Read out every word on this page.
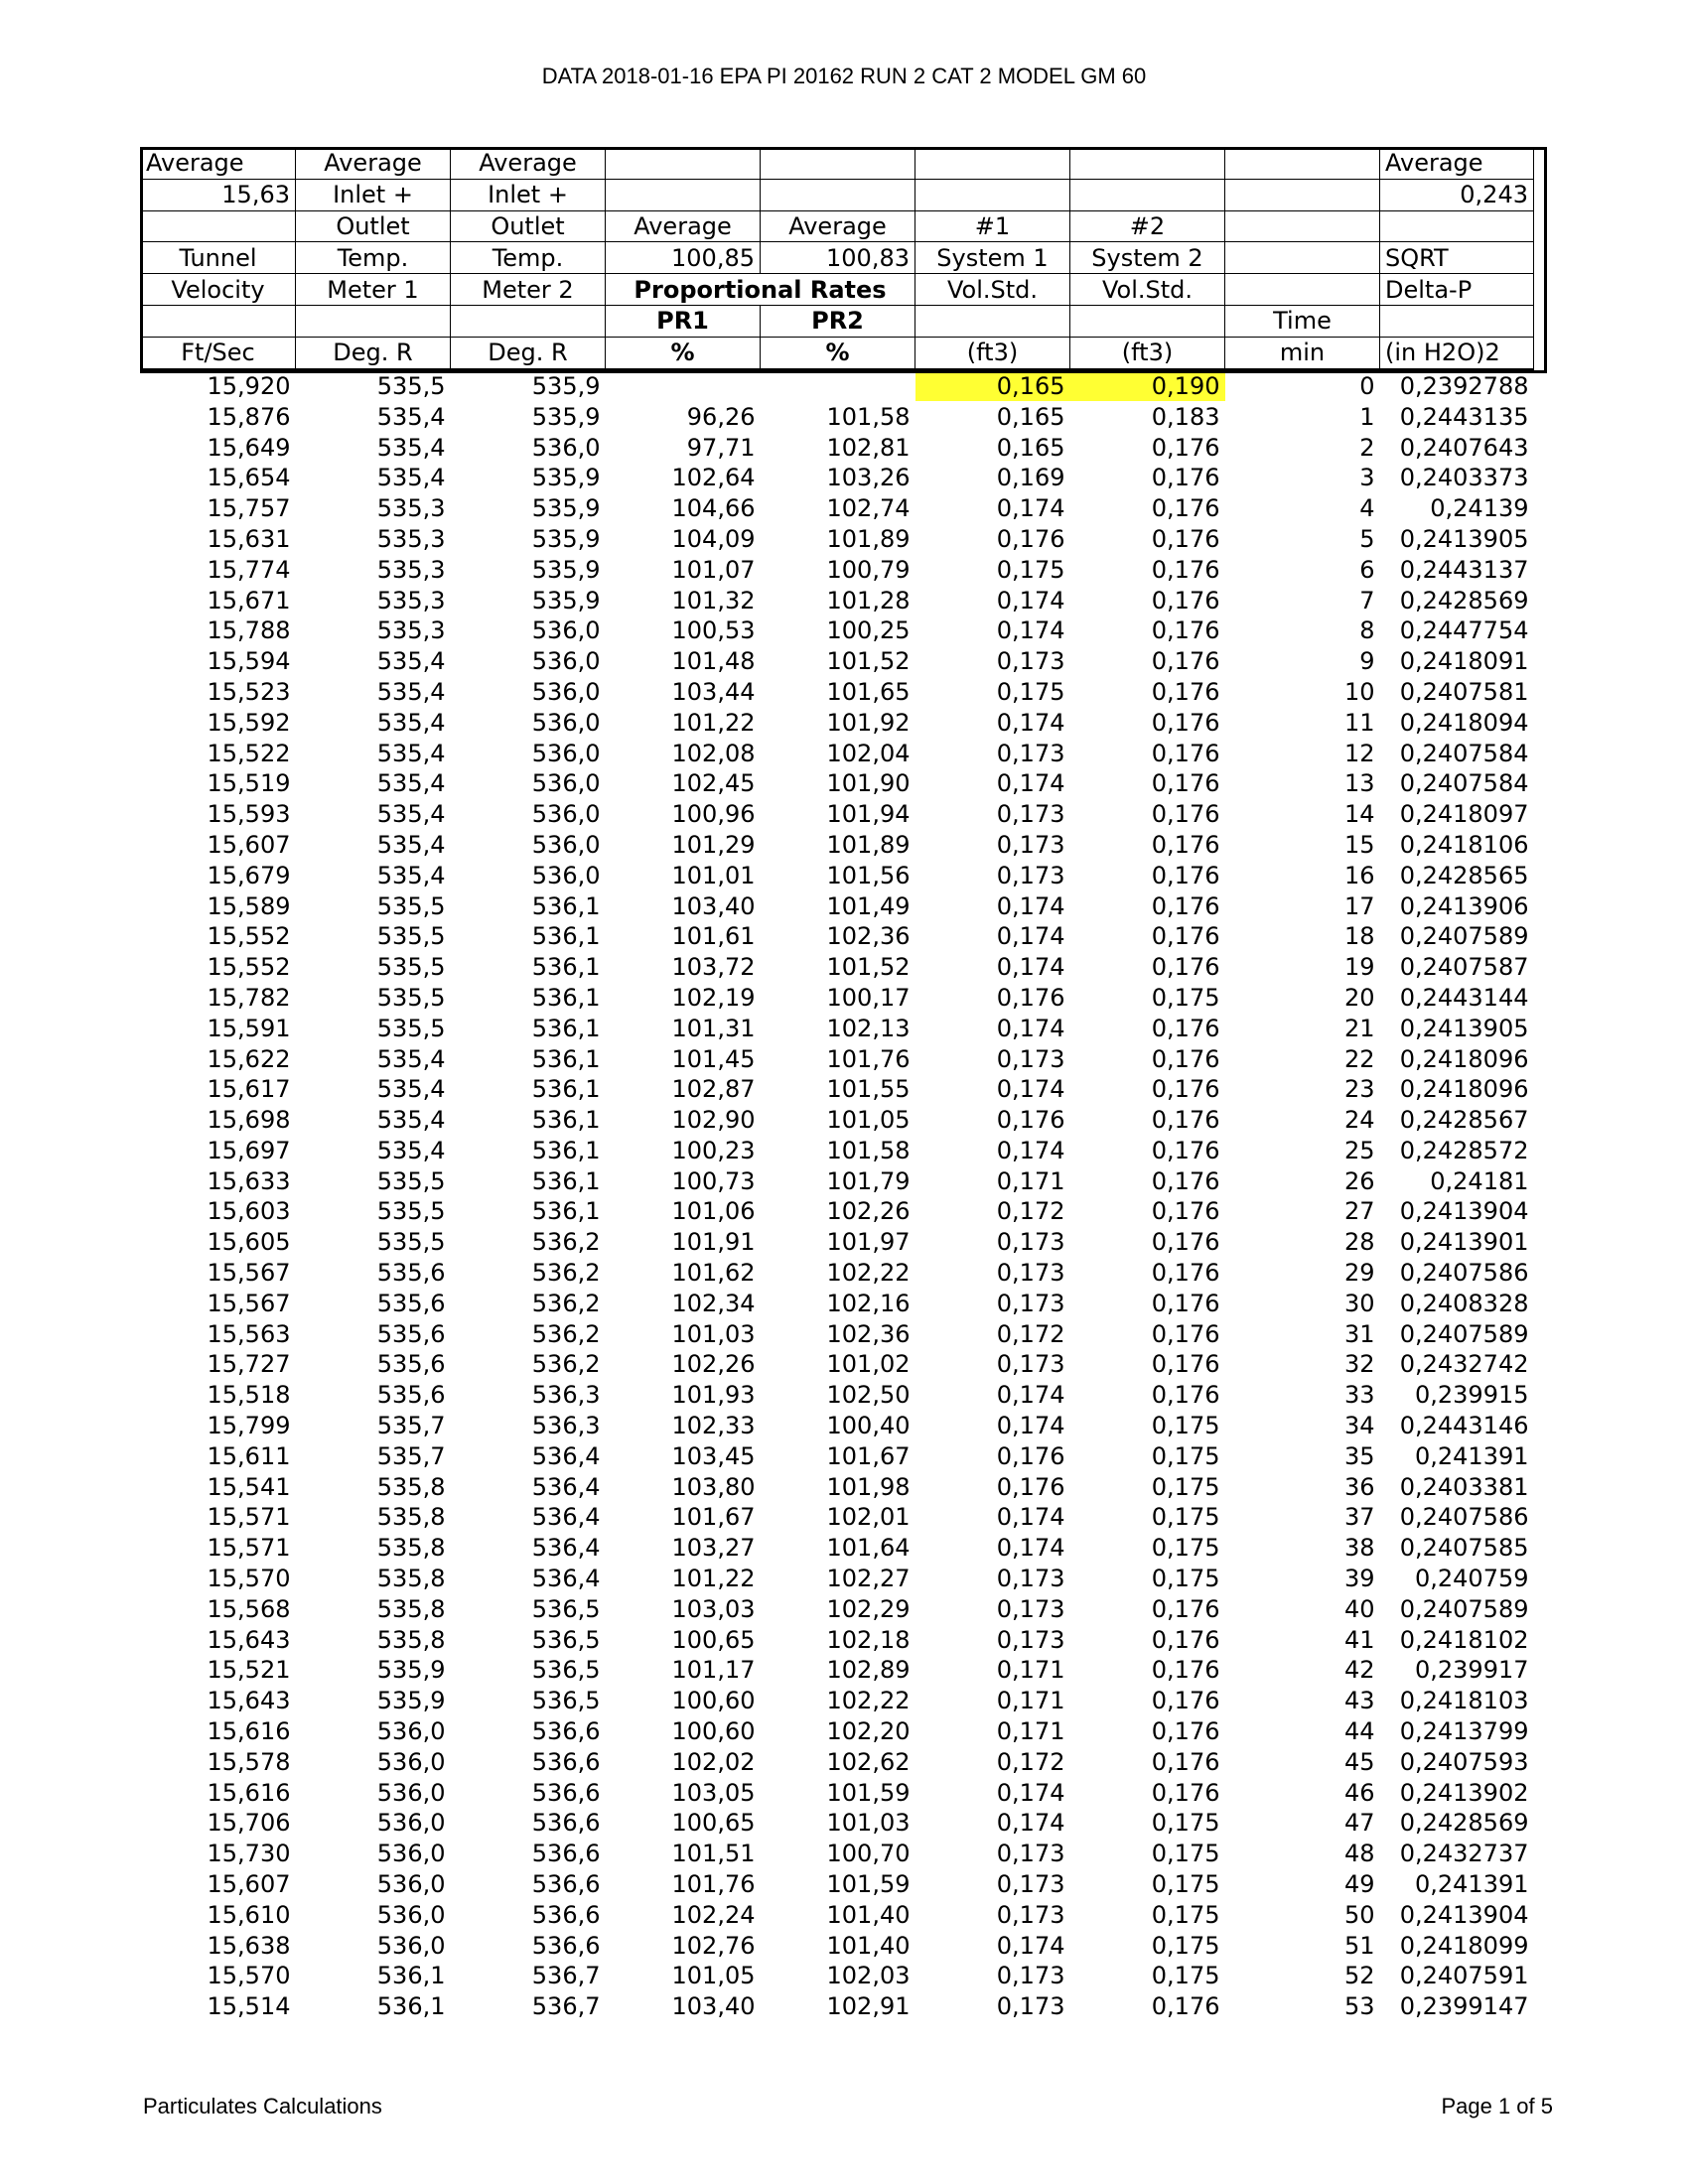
DATA 2018-01-16 EPA PI 20162 RUN 2 CAT 2 MODEL GM 60
Average	Average	Average						Average
15,63	Inlet +	Inlet +						0,243
	Outlet	Outlet	Average	Average	#1	#2		
Tunnel	Temp.	Temp.	100,85	100,83	System 1	System 2		SQRT
Velocity	Meter 1	Meter 2	Proportional Rates		Vol.Std.	Vol.Std.		Delta-P
			PR1	PR2			Time	
Ft/Sec	Deg. R	Deg. R	%	%	(ft3)	(ft3)	min	(in H2O)2
15,920	535,5	535,9			0,165	0,190	0	0,2392788
15,876	535,4	535,9	96,26	101,58	0,165	0,183	1	0,2443135
15,649	535,4	536,0	97,71	102,81	0,165	0,176	2	0,2407643
15,654	535,4	535,9	102,64	103,26	0,169	0,176	3	0,2403373
15,757	535,3	535,9	104,66	102,74	0,174	0,176	4	0,24139
15,631	535,3	535,9	104,09	101,89	0,176	0,176	5	0,2413905
15,774	535,3	535,9	101,07	100,79	0,175	0,176	6	0,2443137
15,671	535,3	535,9	101,32	101,28	0,174	0,176	7	0,2428569
15,788	535,3	536,0	100,53	100,25	0,174	0,176	8	0,2447754
15,594	535,4	536,0	101,48	101,52	0,173	0,176	9	0,2418091
15,523	535,4	536,0	103,44	101,65	0,175	0,176	10	0,2407581
15,592	535,4	536,0	101,22	101,92	0,174	0,176	11	0,2418094
15,522	535,4	536,0	102,08	102,04	0,173	0,176	12	0,2407584
15,519	535,4	536,0	102,45	101,90	0,174	0,176	13	0,2407584
15,593	535,4	536,0	100,96	101,94	0,173	0,176	14	0,2418097
15,607	535,4	536,0	101,29	101,89	0,173	0,176	15	0,2418106
15,679	535,4	536,0	101,01	101,56	0,173	0,176	16	0,2428565
15,589	535,5	536,1	103,40	101,49	0,174	0,176	17	0,2413906
15,552	535,5	536,1	101,61	102,36	0,174	0,176	18	0,2407589
15,552	535,5	536,1	103,72	101,52	0,174	0,176	19	0,2407587
15,782	535,5	536,1	102,19	100,17	0,176	0,175	20	0,2443144
15,591	535,5	536,1	101,31	102,13	0,174	0,176	21	0,2413905
15,622	535,4	536,1	101,45	101,76	0,173	0,176	22	0,2418096
15,617	535,4	536,1	102,87	101,55	0,174	0,176	23	0,2418096
15,698	535,4	536,1	102,90	101,05	0,176	0,176	24	0,2428567
15,697	535,4	536,1	100,23	101,58	0,174	0,176	25	0,2428572
15,633	535,5	536,1	100,73	101,79	0,171	0,176	26	0,24181
15,603	535,5	536,1	101,06	102,26	0,172	0,176	27	0,2413904
15,605	535,5	536,2	101,91	101,97	0,173	0,176	28	0,2413901
15,567	535,6	536,2	101,62	102,22	0,173	0,176	29	0,2407586
15,567	535,6	536,2	102,34	102,16	0,173	0,176	30	0,2408328
15,563	535,6	536,2	101,03	102,36	0,172	0,176	31	0,2407589
15,727	535,6	536,2	102,26	101,02	0,173	0,176	32	0,2432742
15,518	535,6	536,3	101,93	102,50	0,174	0,176	33	0,239915
15,799	535,7	536,3	102,33	100,40	0,174	0,175	34	0,2443146
15,611	535,7	536,4	103,45	101,67	0,176	0,175	35	0,241391
15,541	535,8	536,4	103,80	101,98	0,176	0,175	36	0,2403381
15,571	535,8	536,4	101,67	102,01	0,174	0,175	37	0,2407586
15,571	535,8	536,4	103,27	101,64	0,174	0,175	38	0,2407585
15,570	535,8	536,4	101,22	102,27	0,173	0,175	39	0,240759
15,568	535,8	536,5	103,03	102,29	0,173	0,176	40	0,2407589
15,643	535,8	536,5	100,65	102,18	0,173	0,176	41	0,2418102
15,521	535,9	536,5	101,17	102,89	0,171	0,176	42	0,239917
15,643	535,9	536,5	100,60	102,22	0,171	0,176	43	0,2418103
15,616	536,0	536,6	100,60	102,20	0,171	0,176	44	0,2413799
15,578	536,0	536,6	102,02	102,62	0,172	0,176	45	0,2407593
15,616	536,0	536,6	103,05	101,59	0,174	0,176	46	0,2413902
15,706	536,0	536,6	100,65	101,03	0,174	0,175	47	0,2428569
15,730	536,0	536,6	101,51	100,70	0,173	0,175	48	0,2432737
15,607	536,0	536,6	101,76	101,59	0,173	0,175	49	0,241391
15,610	536,0	536,6	102,24	101,40	0,173	0,175	50	0,2413904
15,638	536,0	536,6	102,76	101,40	0,174	0,175	51	0,2418099
15,570	536,1	536,7	101,05	102,03	0,173	0,175	52	0,2407591
15,514	536,1	536,7	103,40	102,91	0,173	0,176	53	0,2399147
Particulates Calculations	Page 1 of 5
